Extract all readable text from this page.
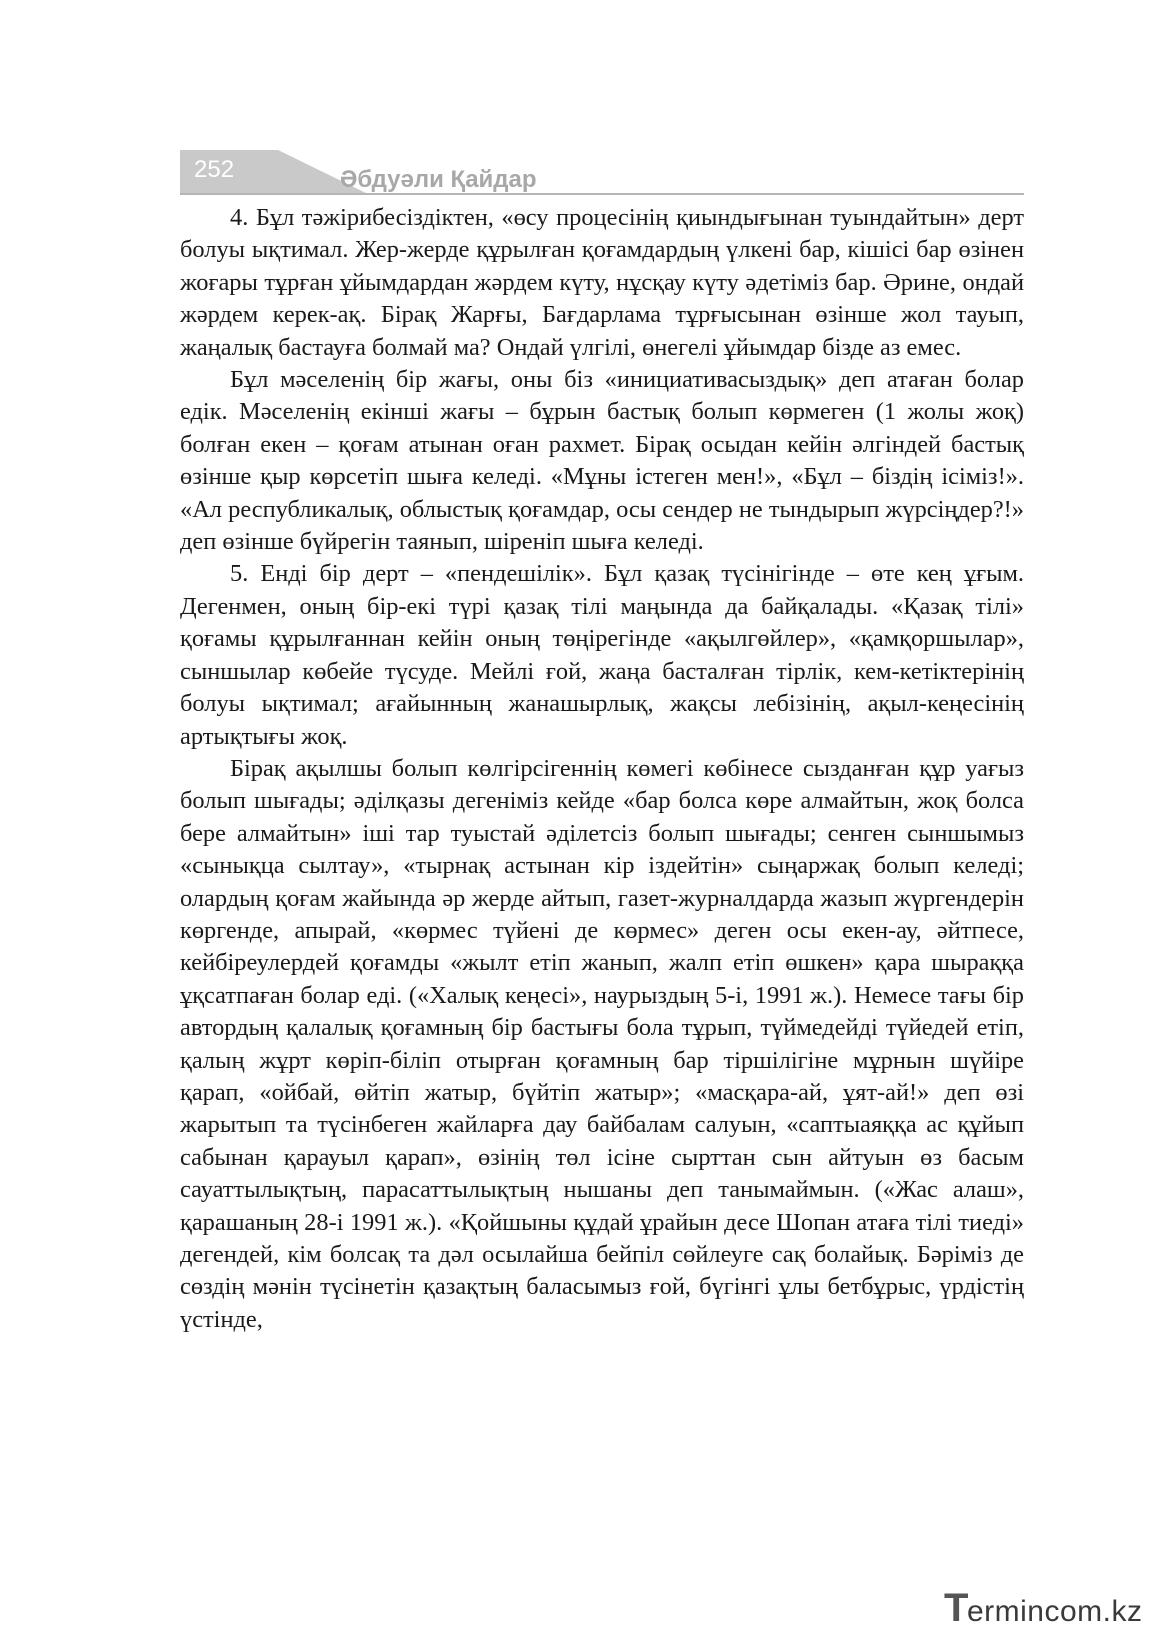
252	Әбдуәли Қайдар

4. Бұл тәжірибесіздіктен, «өсу процесінің қиындығынан туындайтын» дерт болуы ықтимал. Жер-жерде құрылған қоғамдардың үлкені бар, кішісі бар өзінен жоғары тұрған ұйымдардан жәрдем күту, нұсқау күту әдетіміз бар. Әрине, ондай жәрдем керек-ақ. Бірақ Жарғы, Бағдарлама тұрғысынан өзінше жол тауып, жаңалық бастауға болмай ма? Ондай үлгілі, өнегелі ұйымдар бізде аз емес.

Бұл мәселенің бір жағы, оны біз «инициативасыздық» деп атаған болар едік. Мәселенің екінші жағы – бұрын бастық болып көрмеген (1 жолы жоқ) болған екен – қоғам атынан оған рахмет. Бірақ осыдан кейін әлгіндей бастық өзінше қыр көрсетіп шыға келеді. «Мұны істеген мен!», «Бұл – біздің ісіміз!». «Ал республикалық, облыстық қоғамдар, осы сендер не тындырып жүрсіңдер?!» деп өзінше бүйрегін таянып, шіреніп шыға келеді.

5. Енді бір дерт – «пендешілік». Бұл қазақ түсінігінде – өте кең ұғым. Дегенмен, оның бір-екі түрі қазақ тілі маңында да байқалады. «Қазақ тілі» қоғамы құрылғаннан кейін оның төңірегінде «ақылгөйлер», «қамқоршылар», сыншылар көбейе түсуде. Мейлі ғой, жаңа басталған тірлік, кем-кетіктерінің болуы ықтимал; ағайынның жанашырлық, жақсы лебізінің, ақыл-кеңесінің артықтығы жоқ.

Бірақ ақылшы болып көлгірсігеннің көмегі көбінесе сызданған құр уағыз болып шығады; әділқазы дегеніміз кейде «бар болса көре алмайтын, жоқ болса бере алмайтын» іші тар туыстай әділетсіз болып шығады; сенген сыншымыз «сынықца сылтау», «тырнақ астынан кір іздейтін» сыңаржақ болып келеді; олардың қоғам жайында әр жерде айтып, газет-журналдарда жазып жүргендерін көргенде, апырай, «көрмес түйені де көрмес» деген осы екен-ау, әйтпесе, кейбіреулердей қоғамды «жылт етіп жанып, жалп етіп өшкен» қара шыраққа ұқсатпаған болар еді. («Халық кеңесі», наурыздың 5-і, 1991 ж.). Немесе тағы бір автордың қалалық қоғамның бір бастығы бола тұрып, түймедейді түйедей етіп, қалың жұрт көріп-біліп отырған қоғамның бар тіршілігіне мұрнын шүйіре қарап, «ойбай, өйтіп жатыр, бүйтіп жатыр»; «масқара-ай, ұят-ай!» деп өзі жарытып та түсінбеген жайларға дау байбалам салуын, «саптыаяққа ас құйып сабынан қарауыл қарап», өзінің төл ісіне сырттан сын айтуын өз басым сауаттылықтың, парасаттылықтың нышаны деп танымаймын. («Жас алаш», қарашаның 28-і 1991 ж.). «Қойшыны құдай ұрайын десе Шопан атаға тілі тиеді» дегендей, кім болсақ та дәл осылайша бейпіл сөйлеуге сақ болайық. Бәріміз де сөздің мәнін түсінетін қазақтың баласымыз ғой, бүгінгі ұлы бетбұрыс, үрдістің үстінде,

Termincom.kz
